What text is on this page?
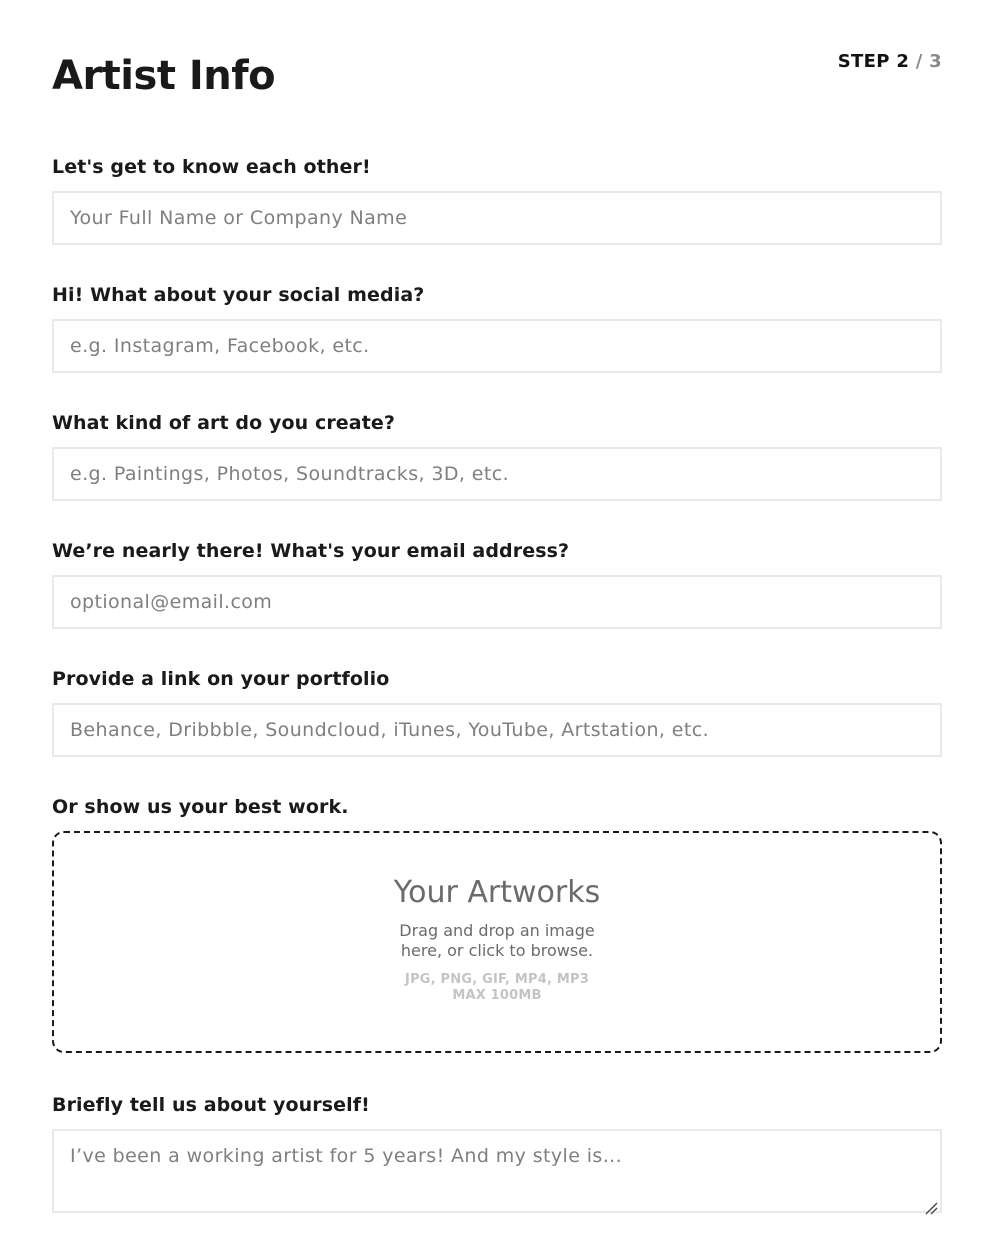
Artist Info	STEP 2 / 3
Let's get to know each other!
Your Full Name or Company Name
Hi! What about your social media?
e.g. Instagram, Facebook, etc.
What kind of art do you create?
e.g. Paintings, Photos, Soundtracks, 3D, etc.
We’re nearly there! What's your email address?
optional@email.com
Provide a link on your portfolio
Behance, Dribbble, Soundcloud, iTunes, YouTube, Artstation, etc.
Or show us your best work.
Your Artworks
Drag and drop an image
here, or click to browse.
JPG, PNG, GIF, MP4, MP3
MAX 100MB
Briefly tell us about yourself!
I’ve been a working artist for 5 years! And my style is...
